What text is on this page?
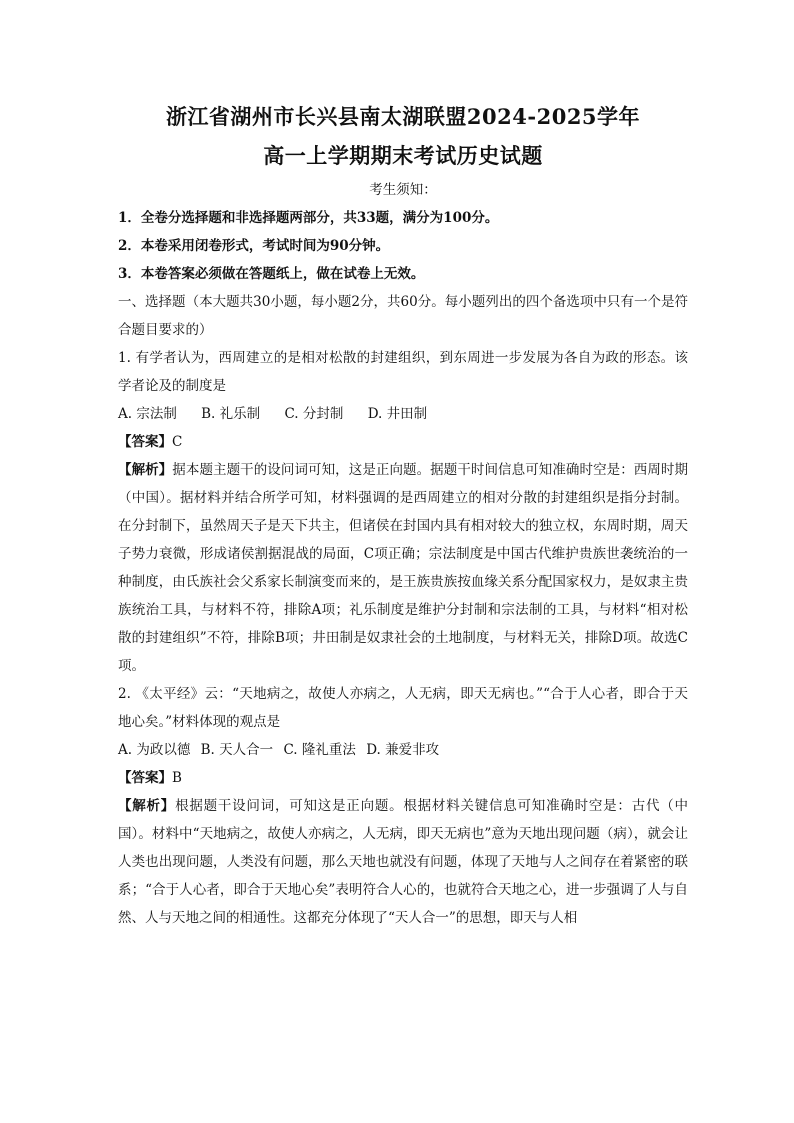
浙江省湖州市长兴县南太湖联盟2024-2025学年

高一上学期期末考试历史试题

考生须知：

1．全卷分选择题和非选择题两部分，共33题，满分为100分。

2．本卷采用闭卷形式，考试时间为90分钟。

3．本卷答案必须做在答题纸上，做在试卷上无效。

一、选择题（本大题共30小题，每小题2分，共60分。每小题列出的四个备选项中只有一个是符合题目要求的）

1. 有学者认为，西周建立的是相对松散的封建组织，到东周进一步发展为各自为政的形态。该学者论及的制度是

A. 宗法制 B. 礼乐制 C. 分封制 D. 井田制

【答案】C

【解析】据本题主题干的设问词可知，这是正向题。据题干时间信息可知准确时空是：西周时期（中国）。据材料并结合所学可知，材料强调的是西周建立的相对分散的封建组织是指分封制。在分封制下，虽然周天子是天下共主，但诸侯在封国内具有相对较大的独立权，东周时期，周天子势力衰微，形成诸侯割据混战的局面，C项正确；宗法制度是中国古代维护贵族世袭统治的一种制度，由氏族社会父系家长制演变而来的，是王族贵族按血缘关系分配国家权力，是奴隶主贵族统治工具，与材料不符，排除A项；礼乐制度是维护分封制和宗法制的工具，与材料“相对松散的封建组织”不符，排除B项；井田制是奴隶社会的土地制度，与材料无关，排除D项。故选C项。

2. 《太平经》云：“天地病之，故使人亦病之，人无病，即天无病也。”“合于人心者，即合于天地心矣。”材料体现的观点是

A. 为政以德 B. 天人合一 C. 隆礼重法 D. 兼爱非攻

【答案】B

【解析】根据题干设问词，可知这是正向题。根据材料关键信息可知准确时空是：古代（中国）。材料中“天地病之，故使人亦病之，人无病，即天无病也”意为天地出现问题（病），就会让人类也出现问题，人类没有问题，那么天地也就没有问题，体现了天地与人之间存在着紧密的联系；“合于人心者，即合于天地心矣”表明符合人心的，也就符合天地之心，进一步强调了人与自然、人与天地之间的相通性。这都充分体现了“天人合一”的思想，即天与人相
